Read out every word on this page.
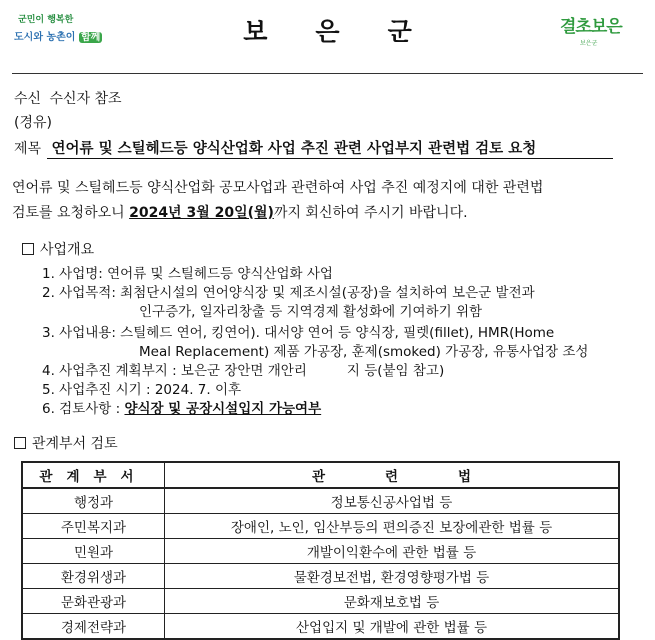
군민이 행복한
도시와 농촌이 함께	보은군	결초보은
보은군
수신 수신자 참조
(경유)
제목 연어류 및 스틸헤드등 양식산업화 사업 추진 관련 사업부지 관련법 검토 요청
연어류 및 스틸헤드등 양식산업화 공모사업과 관련하여 사업 추진 예정지에 대한 관련법
검토를 요청하오니 2024년 3월 20일(월)까지 회신하여 주시기 바랍니다.
사업개요
1. 사업명: 연어류 및 스틸헤드등 양식산업화 사업
2. 사업목적: 최첨단시설의 연어양식장 및 제조시설(공장)을 설치하여 보은군 발전과
인구증가, 일자리창출 등 지역경제 활성화에 기여하기 위함
3. 사업내용: 스틸헤드 연어, 킹연어). 대서양 연어 등 양식장, 필렛(fillet), HMR(Home
Meal Replacement) 제품 가공장, 훈제(smoked) 가공장, 유통사업장 조성
4. 사업추진 계획부지 : 보은군 장안면 개안리	지 등(붙임 참고)
5. 사업추진 시기 : 2024. 7. 이후
6. 검토사항 : 양식장 및 공장시설입지 가능여부
관계부서 검토
관계부서	관련법
행정과	정보통신공사업법 등
주민복지과	장애인, 노인, 임산부등의 편의증진 보장에관한 법률 등
민원과	개발이익환수에 관한 법률 등
환경위생과	물환경보전법, 환경영향평가법 등
문화관광과	문화재보호법 등
경제전략과	산업입지 및 개발에 관한 법률 등
